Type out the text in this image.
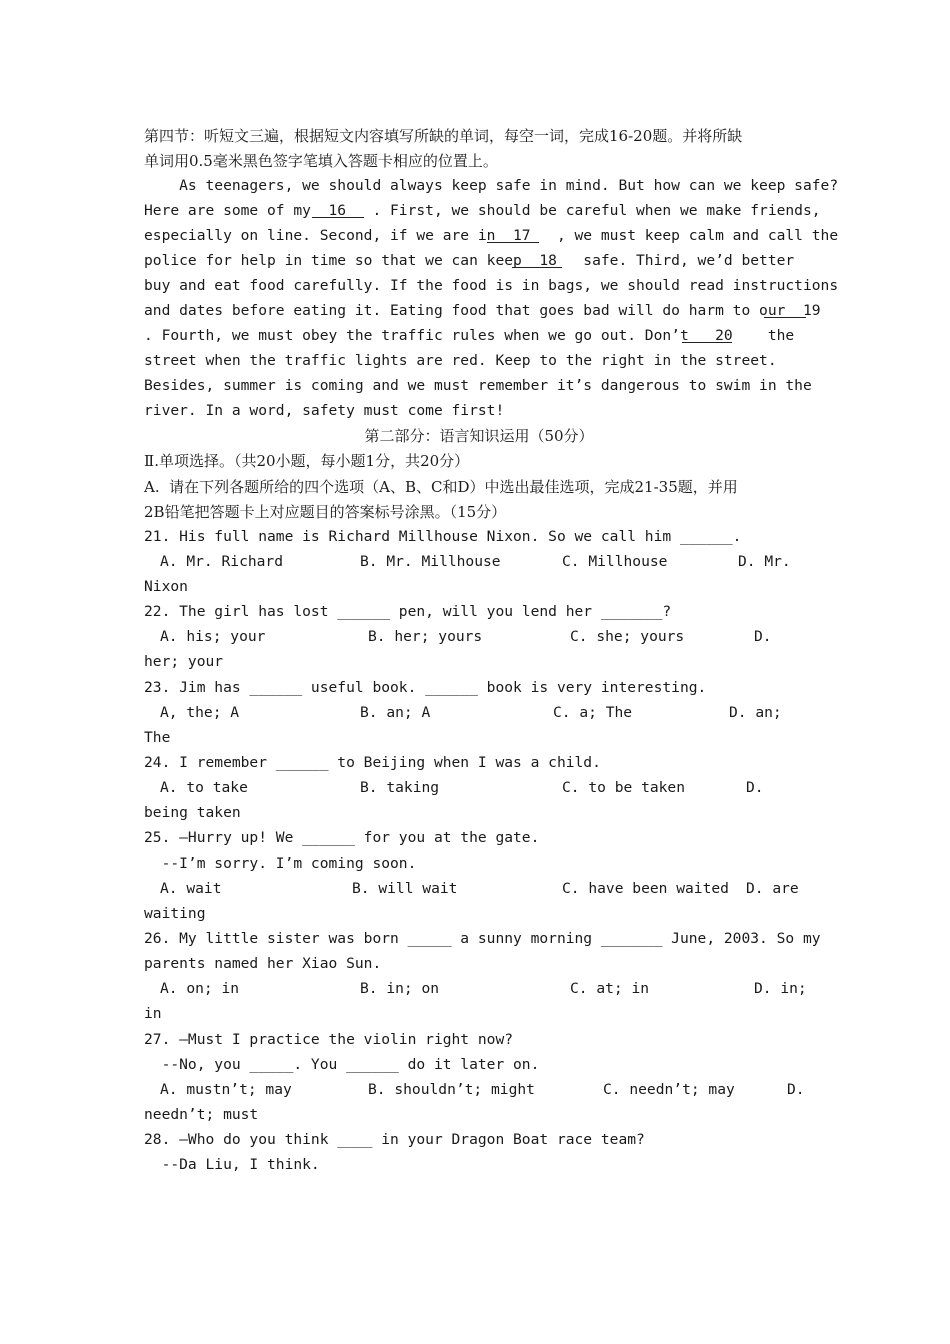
第四节：听短文三遍，根据短文内容填写所缺的单词，每空一词，完成16-20题。并将所缺
单词用0.5毫米黑色签字笔填入答题卡相应的位置上。
As teenagers, we should always keep safe in mind. But how can we keep safe?
Here are some of my  16   . First, we should be careful when we make friends,
especially on line. Second, if we are in  17   , we must keep calm and call the
police for help in time so that we can keep  18   safe. Third, we’d better
buy and eat food carefully. If the food is in bags, we should read instructions
and dates before eating it. Eating food that goes bad will do harm to our  19
. Fourth, we must obey the traffic rules when we go out. Don’t   20    the
street when the traffic lights are red. Keep to the right in the street.
Besides, summer is coming and we must remember it’s dangerous to swim in the
river. In a word, safety must come first!
第二部分：语言知识运用（50分）
Ⅱ.单项选择。（共20小题，每小题1分，共20分）
A.  请在下列各题所给的四个选项（A、B、C和D）中选出最佳选项，完成21-35题，并用
2B铅笔把答题卡上对应题目的答案标号涂黑。（15分）
21. His full name is Richard Millhouse Nixon. So we call him ______.
A. Mr. Richard	B. Mr. Millhouse	C. Millhouse	D. Mr.
Nixon
22. The girl has lost ______ pen, will you lend her _______?
A. his; your	B. her; yours	C. she; yours	D.
her; your
23. Jim has ______ useful book. ______ book is very interesting.
A, the; A	B. an; A	C. a; The	D. an;
The
24. I remember ______ to Beijing when I was a child.
A. to take	B. taking	C. to be taken	D.
being taken
25. –Hurry up! We ______ for you at the gate.
--I’m sorry. I’m coming soon.
A. wait	B. will wait	C. have been waited D. are
waiting
26. My little sister was born _____ a sunny morning _______ June, 2003. So my
parents named her Xiao Sun.
A. on; in	B. in; on	C. at; in	D. in;
in
27. –Must I practice the violin right now?
--No, you _____. You ______ do it later on.
A. mustn’t; may	B. shouldn’t; might	C. needn’t; may	D.
needn’t; must
28. –Who do you think ____ in your Dragon Boat race team?
--Da Liu, I think.
